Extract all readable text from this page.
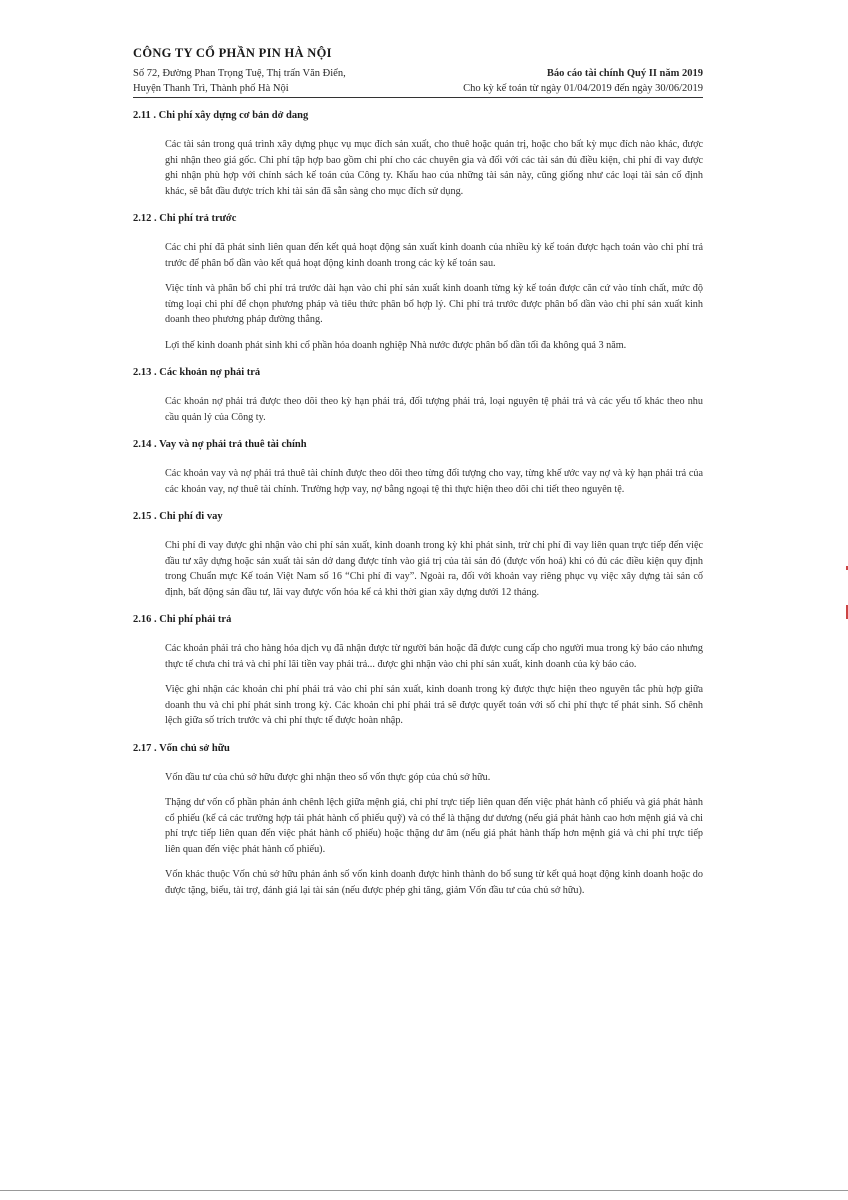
CÔNG TY CỔ PHẦN PIN HÀ NỘI
Số 72, Đường Phan Trọng Tuệ, Thị trấn Văn Điển,
Huyện Thanh Trì, Thành phố Hà Nội
Báo cáo tài chính Quý II năm 2019
Cho kỳ kế toán từ ngày 01/04/2019 đến ngày 30/06/2019
2.11 . Chi phí xây dựng cơ bản dở dang

Các tài sản trong quá trình xây dựng phục vụ mục đích sản xuất, cho thuê hoặc quản trị, hoặc cho bất kỳ mục đích nào khác, được ghi nhận theo giá gốc. Chi phí tập hợp bao gồm chi phí cho các chuyên gia và đối với các tài sản đủ điều kiện, chi phí đi vay được ghi nhận phù hợp với chính sách kế toán của Công ty. Khấu hao của những tài sản này, cũng giống như các loại tài sản cố định khác, sẽ bắt đầu được trích khi tài sản đã sẵn sàng cho mục đích sử dụng.

2.12 . Chi phí trả trước

Các chi phí đã phát sinh liên quan đến kết quả hoạt động sản xuất kinh doanh của nhiều kỳ kế toán được hạch toán vào chi phí trả trước để phân bổ dần vào kết quả hoạt động kinh doanh trong các kỳ kế toán sau.

Việc tính và phân bổ chi phí trả trước dài hạn vào chi phí sản xuất kinh doanh từng kỳ kế toán được căn cứ vào tính chất, mức độ từng loại chi phí để chọn phương pháp và tiêu thức phân bổ hợp lý. Chi phí trả trước được phân bổ dần vào chi phí sản xuất kinh doanh theo phương pháp đường thẳng.

Lợi thế kinh doanh phát sinh khi cổ phần hóa doanh nghiệp Nhà nước được phân bổ dần tối đa không quá 3 năm.

2.13 . Các khoản nợ phải trả

Các khoản nợ phải trả được theo dõi theo kỳ hạn phải trả, đối tượng phải trả, loại nguyên tệ phải trả và các yếu tố khác theo nhu cầu quản lý của Công ty.

2.14 . Vay và nợ phải trả thuê tài chính

Các khoản vay và nợ phải trả thuê tài chính được theo dõi theo từng đối tượng cho vay, từng khế ước vay nợ và kỳ hạn phải trả của các khoản vay, nợ thuê tài chính. Trường hợp vay, nợ bằng ngoại tệ thì thực hiện theo dõi chi tiết theo nguyên tệ.

2.15 . Chi phí đi vay

Chi phí đi vay được ghi nhận vào chi phí sản xuất, kinh doanh trong kỳ khi phát sinh, trừ chi phí đi vay liên quan trực tiếp đến việc đầu tư xây dựng hoặc sản xuất tài sản dở dang được tính vào giá trị của tài sản đó (được vốn hoá) khi có đủ các điều kiện quy định trong Chuẩn mực Kế toán Việt Nam số 16 “Chi phí đi vay”. Ngoài ra, đối với khoản vay riêng phục vụ việc xây dựng tài sản cố định, bất động sản đầu tư, lãi vay được vốn hóa kể cả khi thời gian xây dựng dưới 12 tháng.

2.16 . Chi phí phải trả

Các khoản phải trả cho hàng hóa dịch vụ đã nhận được từ người bán hoặc đã được cung cấp cho người mua trong kỳ báo cáo nhưng thực tế chưa chi trả và chi phí lãi tiền vay phải trả... được ghi nhận vào chi phí sản xuất, kinh doanh của kỳ báo cáo.

Việc ghi nhận các khoản chi phí phải trả vào chi phí sản xuất, kinh doanh trong kỳ được thực hiện theo nguyên tắc phù hợp giữa doanh thu và chi phí phát sinh trong kỳ. Các khoản chi phí phải trả sẽ được quyết toán với số chi phí thực tế phát sinh. Số chênh lệch giữa số trích trước và chi phí thực tế được hoàn nhập.

2.17 . Vốn chủ sở hữu

Vốn đầu tư của chủ sở hữu được ghi nhận theo số vốn thực góp của chủ sở hữu.

Thặng dư vốn cổ phần phản ánh chênh lệch giữa mệnh giá, chi phí trực tiếp liên quan đến việc phát hành cổ phiếu và giá phát hành cổ phiếu (kể cả các trường hợp tái phát hành cổ phiếu quỹ) và có thể là thặng dư dương (nếu giá phát hành cao hơn mệnh giá và chi phí trực tiếp liên quan đến việc phát hành cổ phiếu) hoặc thặng dư âm (nếu giá phát hành thấp hơn mệnh giá và chi phí trực tiếp liên quan đến việc phát hành cổ phiếu).

Vốn khác thuộc Vốn chủ sở hữu phản ánh số vốn kinh doanh được hình thành do bổ sung từ kết quả hoạt động kinh doanh hoặc do được tặng, biếu, tài trợ, đánh giá lại tài sản (nếu được phép ghi tăng, giảm Vốn đầu tư của chủ sở hữu).
